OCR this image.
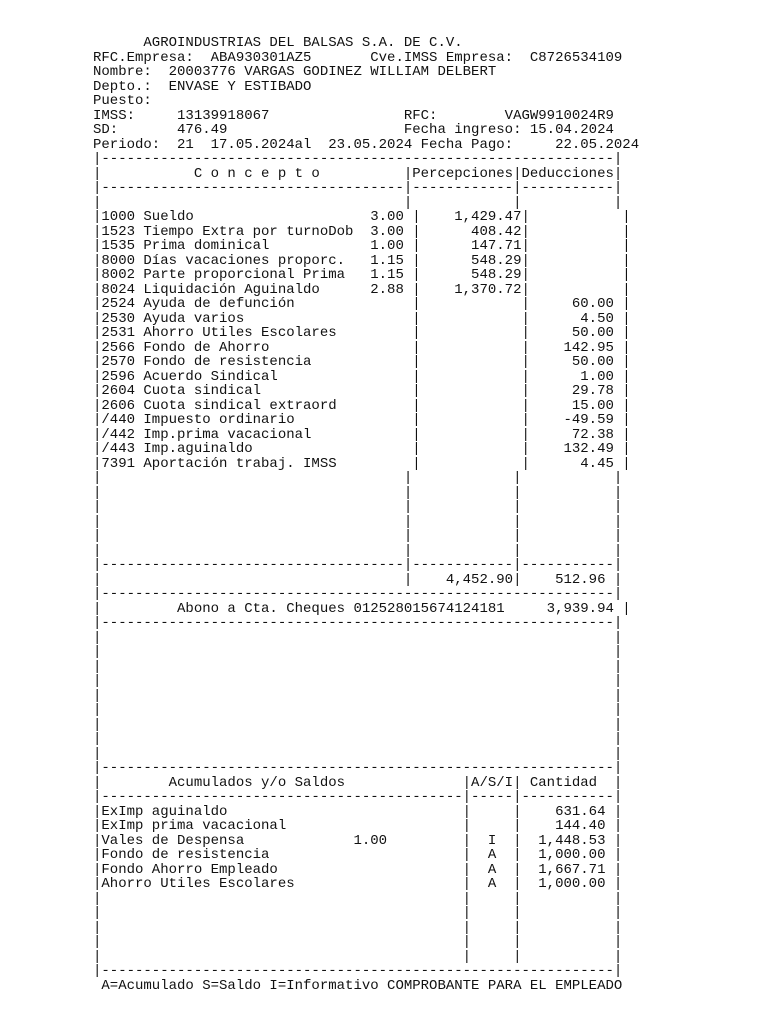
AGROINDUSTRIAS DEL BALSAS S.A. DE C.V.
RFC.Empresa:  ABA930301AZ5       Cve.IMSS Empresa:  C8726534109
Nombre:  20003776 VARGAS GODINEZ WILLIAM DELBERT
Depto.:  ENVASE Y ESTIBADO
Puesto:
IMSS:     13139918067                RFC:        VAGW9910024R9
SD:       476.49                     Fecha ingreso: 15.04.2024
Periodo:  21  17.05.2024al  23.05.2024 Fecha Pago:     22.05.2024
|-------------------------------------------------------------|
|           C o n c e p t o          |Percepciones|Deducciones|
|------------------------------------|------------|-----------|
|                                    |            |           |
|1000 Sueldo                     3.00 |    1,429.47|           |
|1523 Tiempo Extra por turnoDob  3.00 |      408.42|           |
|1535 Prima dominical            1.00 |      147.71|           |
|8000 Días vacaciones proporc.   1.15 |      548.29|           |
|8002 Parte proporcional Prima   1.15 |      548.29|           |
|8024 Liquidación Aguinaldo      2.88 |    1,370.72|           |
|2524 Ayuda de defunción              |            |     60.00 |
|2530 Ayuda varios                    |            |      4.50 |
|2531 Ahorro Utiles Escolares         |            |     50.00 |
|2566 Fondo de Ahorro                 |            |    142.95 |
|2570 Fondo de resistencia            |            |     50.00 |
|2596 Acuerdo Sindical                |            |      1.00 |
|2604 Cuota sindical                  |            |     29.78 |
|2606 Cuota sindical extraord         |            |     15.00 |
|/440 Impuesto ordinario              |            |    -49.59 |
|/442 Imp.prima vacacional            |            |     72.38 |
|/443 Imp.aguinaldo                   |            |    132.49 |
|7391 Aportación trabaj. IMSS         |            |      4.45 |
|                                    |            |           |
|                                    |            |           |
|                                    |            |           |
|                                    |            |           |
|                                    |            |           |
|                                    |            |           |
|------------------------------------|------------|-----------|
|                                    |    4,452.90|    512.96 |
|-------------------------------------------------------------|
|         Abono a Cta. Cheques 012528015674124181     3,939.94 |
|-------------------------------------------------------------|
|                                                             |
|                                                             |
|                                                             |
|                                                             |
|                                                             |
|                                                             |
|                                                             |
|                                                             |
|                                                             |
|-------------------------------------------------------------|
|        Acumulados y/o Saldos              |A/S/I| Cantidad  |
|-------------------------------------------|-----|-----------|
|ExImp aguinaldo                            |     |    631.64 |
|ExImp prima vacacional                     |     |    144.40 |
|Vales de Despensa             1.00         |  I  |  1,448.53 |
|Fondo de resistencia                       |  A  |  1,000.00 |
|Fondo Ahorro Empleado                      |  A  |  1,667.71 |
|Ahorro Utiles Escolares                    |  A  |  1,000.00 |
|                                           |     |           |
|                                           |     |           |
|                                           |     |           |
|                                           |     |           |
|                                           |     |           |
|-------------------------------------------------------------|
A=Acumulado S=Saldo I=Informativo COMPROBANTE PARA EL EMPLEADO
